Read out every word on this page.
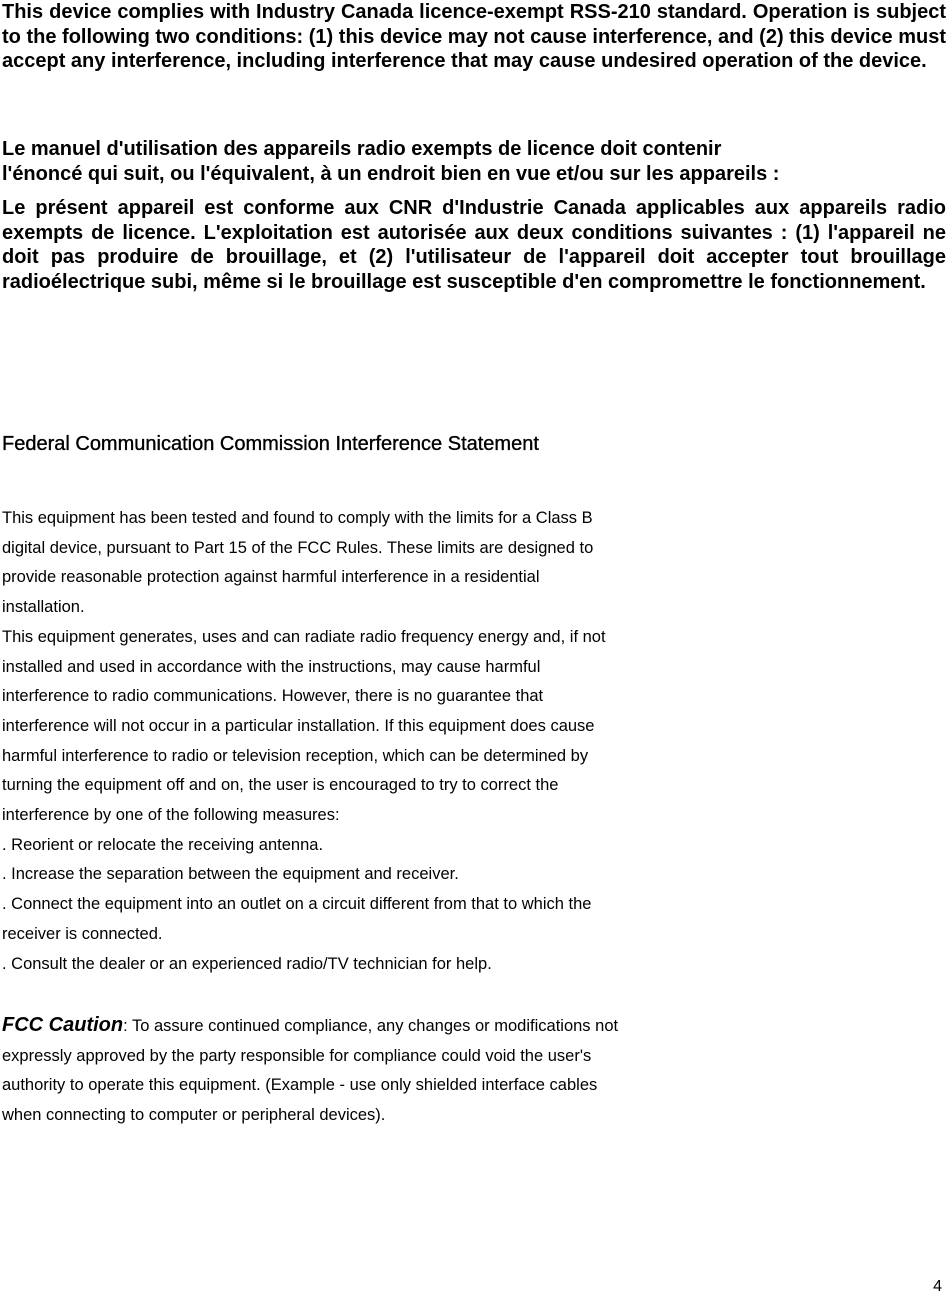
This device complies with Industry Canada licence-exempt RSS-210 standard. Operation is subject to the following two conditions: (1) this device may not cause interference, and (2) this device must accept any interference, including interference that may cause undesired operation of the device.

Le manuel d'utilisation des appareils radio exempts de licence doit contenir
l'énoncé qui suit, ou l'équivalent, à un endroit bien en vue et/ou sur les appareils :

Le présent appareil est conforme aux CNR d'Industrie Canada applicables aux appareils radio exempts de licence. L'exploitation est autorisée aux deux conditions suivantes : (1) l'appareil ne doit pas produire de brouillage, et (2) l'utilisateur de l'appareil doit accepter tout brouillage radioélectrique subi, même si le brouillage est susceptible d'en compromettre le fonctionnement.

Federal Communication Commission Interference Statement
This equipment has been tested and found to comply with the limits for a Class B
digital device, pursuant to Part 15 of the FCC Rules. These limits are designed to
provide reasonable protection against harmful interference in a residential
installation.
This equipment generates, uses and can radiate radio frequency energy and, if not
installed and used in accordance with the instructions, may cause harmful
interference to radio communications. However, there is no guarantee that
interference will not occur in a particular installation. If this equipment does cause
harmful interference to radio or television reception, which can be determined by
turning the equipment off and on, the user is encouraged to try to correct the
interference by one of the following measures:
. Reorient or relocate the receiving antenna.
. Increase the separation between the equipment and receiver.
. Connect the equipment into an outlet on a circuit different from that to which the
receiver is connected.
. Consult the dealer or an experienced radio/TV technician for help.
FCC Caution: To assure continued compliance, any changes or modifications not
expressly approved by the party responsible for compliance could void the user's
authority to operate this equipment. (Example - use only shielded interface cables
when connecting to computer or peripheral devices).
4
